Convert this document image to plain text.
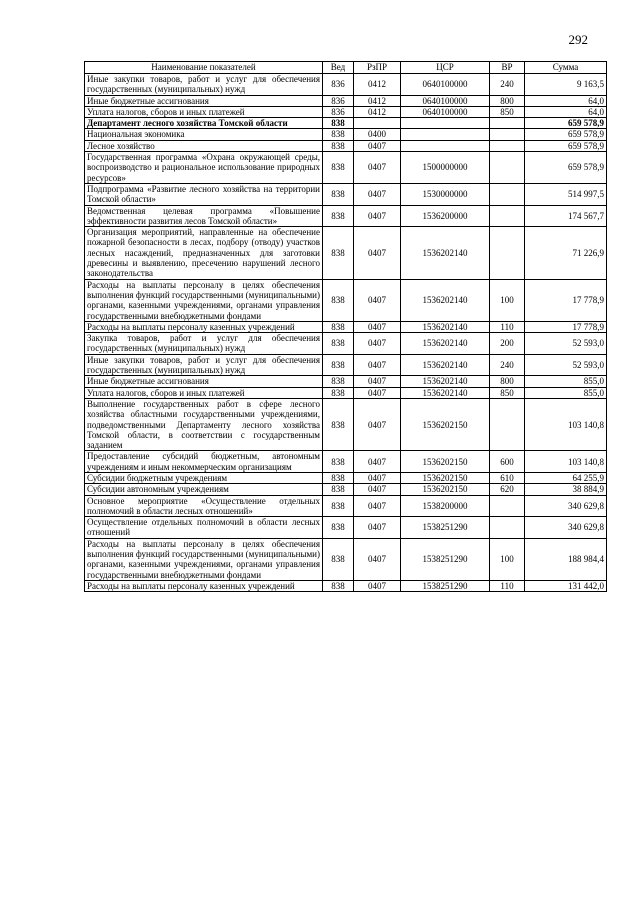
292
Наименование показателей	Вед	РзПР	ЦСР	ВР	Сумма
Иные закупки товаров, работ и услуг для обеспечения государственных (муниципальных) нужд	836	0412	0640100000	240	9 163,5
Иные бюджетные ассигнования	836	0412	0640100000	800	64,0
Уплата налогов, сборов и иных платежей	836	0412	0640100000	850	64,0
Департамент лесного хозяйства Томской области	838				659 578,9
Национальная экономика	838	0400			659 578,9
Лесное хозяйство	838	0407			659 578,9
Государственная программа «Охрана окружающей среды, воспроизводство и рациональное использование природных ресурсов»	838	0407	1500000000		659 578,9
Подпрограмма «Развитие лесного хозяйства на территории Томской области»	838	0407	1530000000		514 997,5
Ведомственная целевая программа «Повышение эффективности развития лесов Томской области»	838	0407	1536200000		174 567,7
Организация мероприятий, направленные на обеспечение пожарной безопасности в лесах, подбору (отводу) участков лесных насаждений, предназначенных для заготовки древесины и выявлению, пресечению нарушений лесного законодательства	838	0407	1536202140		71 226,9
Расходы на выплаты персоналу в целях обеспечения выполнения функций государственными (муниципальными) органами, казенными учреждениями, органами управления государственными внебюджетными фондами	838	0407	1536202140	100	17 778,9
Расходы на выплаты персоналу казенных учреждений	838	0407	1536202140	110	17 778,9
Закупка товаров, работ и услуг для обеспечения государственных (муниципальных) нужд	838	0407	1536202140	200	52 593,0
Иные закупки товаров, работ и услуг для обеспечения государственных (муниципальных) нужд	838	0407	1536202140	240	52 593,0
Иные бюджетные ассигнования	838	0407	1536202140	800	855,0
Уплата налогов, сборов и иных платежей	838	0407	1536202140	850	855,0
Выполнение государственных работ в сфере лесного хозяйства областными государственными учреждениями, подведомственными Департаменту лесного хозяйства Томской области, в соответствии с государственным заданием	838	0407	1536202150		103 140,8
Предоставление субсидий бюджетным, автономным учреждениям и иным некоммерческим организациям	838	0407	1536202150	600	103 140,8
Субсидии бюджетным учреждениям	838	0407	1536202150	610	64 255,9
Субсидии автономным учреждениям	838	0407	1536202150	620	38 884,9
Основное мероприятие «Осуществление отдельных полномочий в области лесных отношений»	838	0407	1538200000		340 629,8
Осуществление отдельных полномочий в области лесных отношений	838	0407	1538251290		340 629,8
Расходы на выплаты персоналу в целях обеспечения выполнения функций государственными (муниципальными) органами, казенными учреждениями, органами управления государственными внебюджетными фондами	838	0407	1538251290	100	188 984,4
Расходы на выплаты персоналу казенных учреждений	838	0407	1538251290	110	131 442,0
